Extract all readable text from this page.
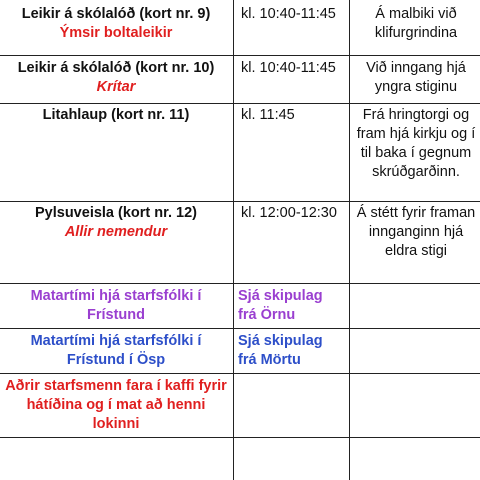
Leikir á skólalóð (kort nr. 9)
Ýmsir boltaleikir	kl. 10:40-11:45	Á malbiki við klifurgrindina

Leikir á skólalóð (kort nr. 10)
Krítar	kl. 10:40-11:45	Við inngang hjá yngra stiginu

Litahlaup (kort nr. 11)	kl. 11:45	Frá hringtorgi og fram hjá kirkju og í til baka í gegnum skrúðgarðinn.

Pylsuveisla (kort nr. 12)
Allir nemendur	kl. 12:00-12:30	Á stétt fyrir framan innganginn hjá eldra stigi
Matartími hjá starfsfólki í Frístund	Sjá skipulag frá Örnu	
Matartími hjá starfsfólki í Frístund í Ösp	Sjá skipulag frá Mörtu	
Aðrir starfsmenn fara í kaffi fyrir hátíðina og í mat að henni lokinni		
